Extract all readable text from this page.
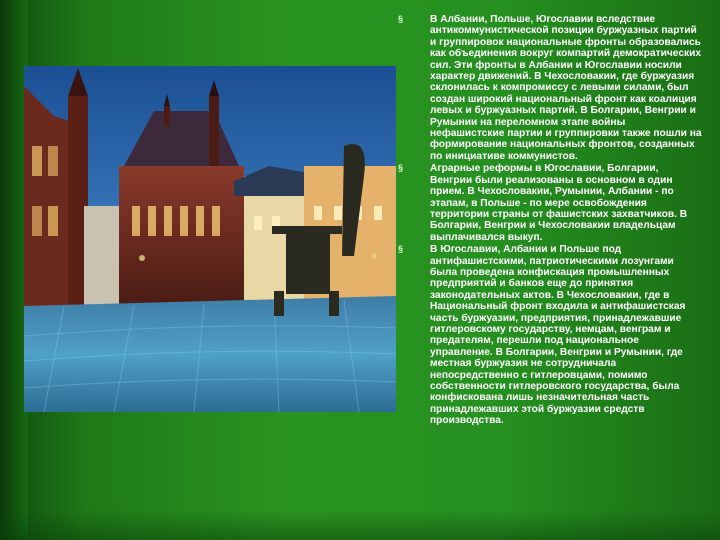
§	В Албании, Польше, Югославии вследствие антикоммунистической позиции буржуазных партий и группировок национальные фронты образовались как объединения вокруг компартий демократических сил. Эти фронты в Албании и Югославии носили характер движений. В Чехословакии, где буржуазия склонилась к компромиссу с левыми силами, был создан широкий национальный фронт как коалиция левых и буржуазных партий. В Болгарии, Венгрии и Румынии на переломном этапе войны нефашистские партии и группировки также пошли на формирование национальных фронтов, созданных по инициативе коммунистов.
§	Аграрные реформы в Югославии, Болгарии, Венгрии были реализованы в основном в один прием. В Чехословакии, Румынии, Албании - по этапам, в Польше - по мере освобождения территории страны от фашистских захватчиков. В Болгарии, Венгрии и Чехословакии владельцам выплачивался выкуп.
§	В Югославии, Албании и Польше под антифашистскими, патриотическими лозунгами была проведена конфискация промышленных предприятий и банков еще до принятия законодательных актов. В Чехословакии, где в Национальный фронт входила и антифашистская часть буржуазии, предприятия, принадлежавшие гитлеровскому государству, немцам, венграм и предателям, перешли под национальное управление. В Болгарии, Венгрии и Румынии, где местная буржуазия не сотрудничала непосредственно с гитлеровцами, помимо собственности гитлеровского государства, была конфискована лишь незначительная часть принадлежавших этой буржуазии средств производства.
